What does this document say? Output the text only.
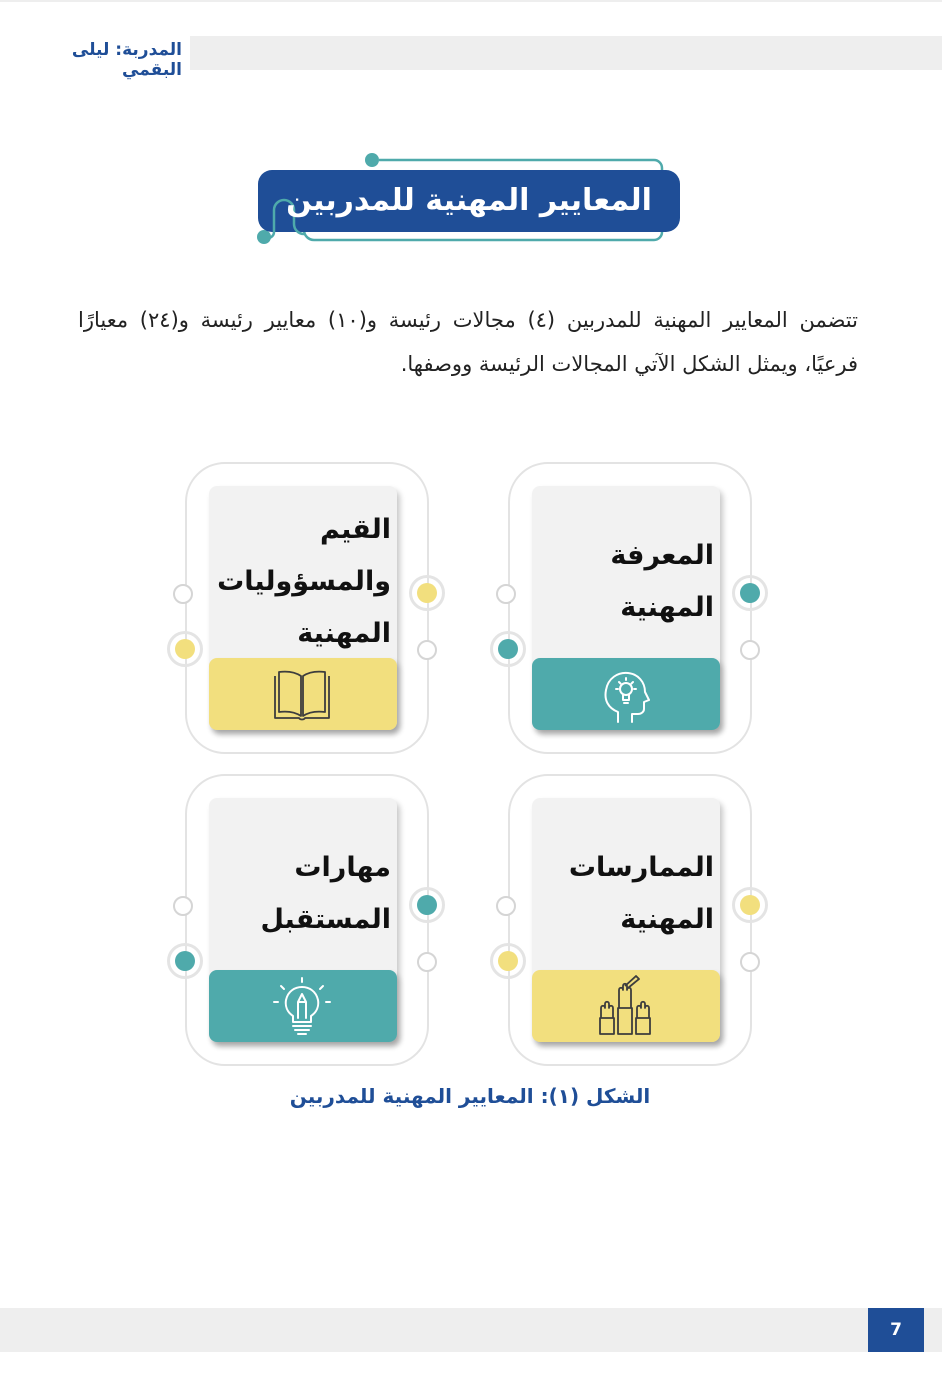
المدربة: ليلى البقمي
المعايير المهنية للمدربين

تتضمن المعايير المهنية للمدربين (٤) مجالات رئيسة و(١٠) معايير رئيسة و(٢٤) معيارًا فرعيًا، ويمثل الشكل الآتي المجالات الرئيسة ووصفها.

المعرفة
المهنية
القيم
والمسؤوليات
المهنية
الممارسات
المهنية
مهارات
المستقبل
الشكل (١): المعايير المهنية للمدربين
7
